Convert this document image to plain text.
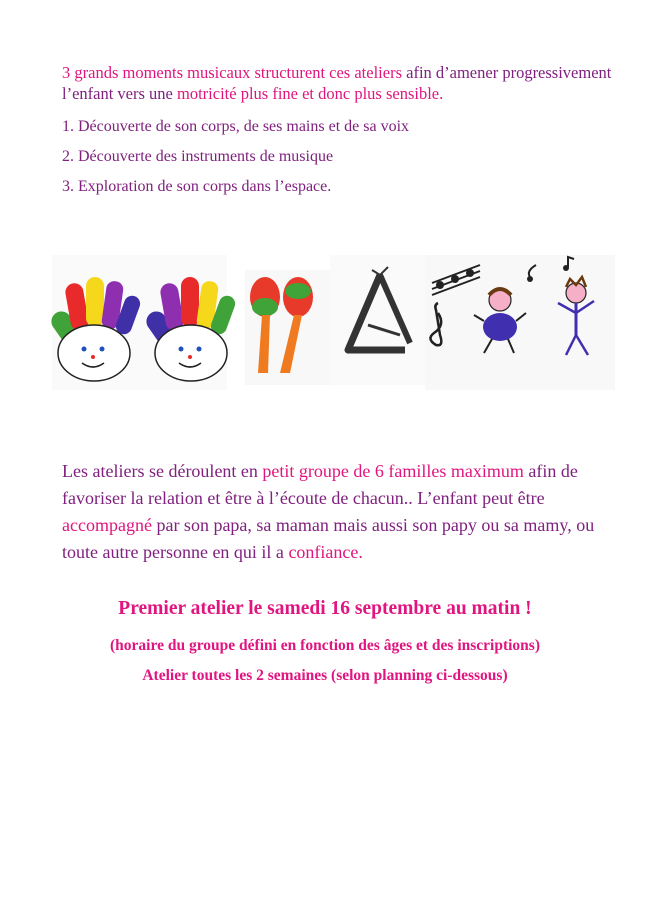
3 grands moments musicaux structurent ces ateliers afin d’amener progressivement l’enfant vers une motricité plus fine et donc plus sensible.
1. Découverte de son corps, de ses mains et de sa voix
2. Découverte des instruments de musique
3. Exploration de son corps dans l’espace.
Les ateliers se déroulent en petit groupe de 6 familles maximum afin de favoriser la relation et être à l’écoute de chacun.. L’enfant peut être accompagné par son papa, sa maman mais aussi son papy ou sa mamy, ou toute autre personne en qui il a confiance.
Premier atelier le samedi 16 septembre au matin !
(horaire du groupe défini en fonction des âges et des inscriptions)
Atelier toutes les 2 semaines (selon planning ci-dessous)
